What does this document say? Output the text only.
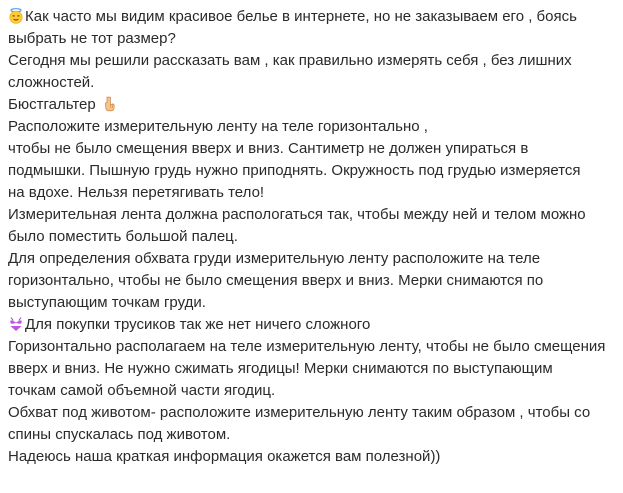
Как часто мы видим красивое белье в интернете, но не заказываем его , боясь
выбрать не тот размер?
Сегодня мы решили рассказать вам , как правильно измерять себя , без лишних
сложностей.
Бюстгальтер
Расположите измерительную ленту на теле горизонтально ,
чтобы не было смещения вверх и вниз. Сантиметр не должен упираться в
подмышки. Пышную грудь нужно приподнять. Окружность под грудью измеряется
на вдохе. Нельзя перетягивать тело!
Измерительная лента должна распологаться так, чтобы между ней и телом можно
было поместить большой палец.
Для определения обхвата груди измерительную ленту расположите на теле
горизонтально, чтобы не было смещения вверх и вниз. Мерки снимаются по
выступающим точкам груди.
Для покупки трусиков так же нет ничего сложного
Горизонтально располагаем на теле измерительную ленту, чтобы не было смещения
вверх и вниз. Не нужно сжимать ягодицы! Мерки снимаются по выступающим
точкам самой объемной части ягодиц.
Обхват под животом- расположите измерительную ленту таким образом , чтобы со
спины спускалась под животом.
Надеюсь наша краткая информация окажется вам полезной))
